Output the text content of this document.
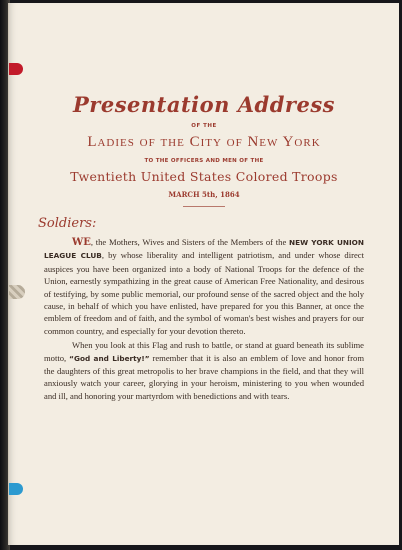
Presentation Address
OF THE
Ladies of the City of New York
TO THE OFFICERS AND MEN OF THE
Twentieth United States Colored Troops
MARCH 5th, 1864
Soldiers:

WE, the Mothers, Wives and Sisters of the Members of the NEW YORK UNION LEAGUE CLUB, by whose liberality and intelligent patriotism, and under whose direct auspices you have been organized into a body of National Troops for the defence of the Union, earnestly sympathizing in the great cause of American Free Nationality, and desirous of testifying, by some public memorial, our profound sense of the sacred object and the holy cause, in behalf of which you have enlisted, have prepared for you this Banner, at once the emblem of freedom and of faith, and the symbol of woman's best wishes and prayers for our common country, and especially for your devotion thereto.

When you look at this Flag and rush to battle, or stand at guard beneath its sublime motto, “God and Liberty!” remember that it is also an emblem of love and honor from the daughters of this great metropolis to her brave champions in the field, and that they will anxiously watch your career, glorying in your heroism, ministering to you when wounded and ill, and honoring your martyrdom with benedictions and with tears.
